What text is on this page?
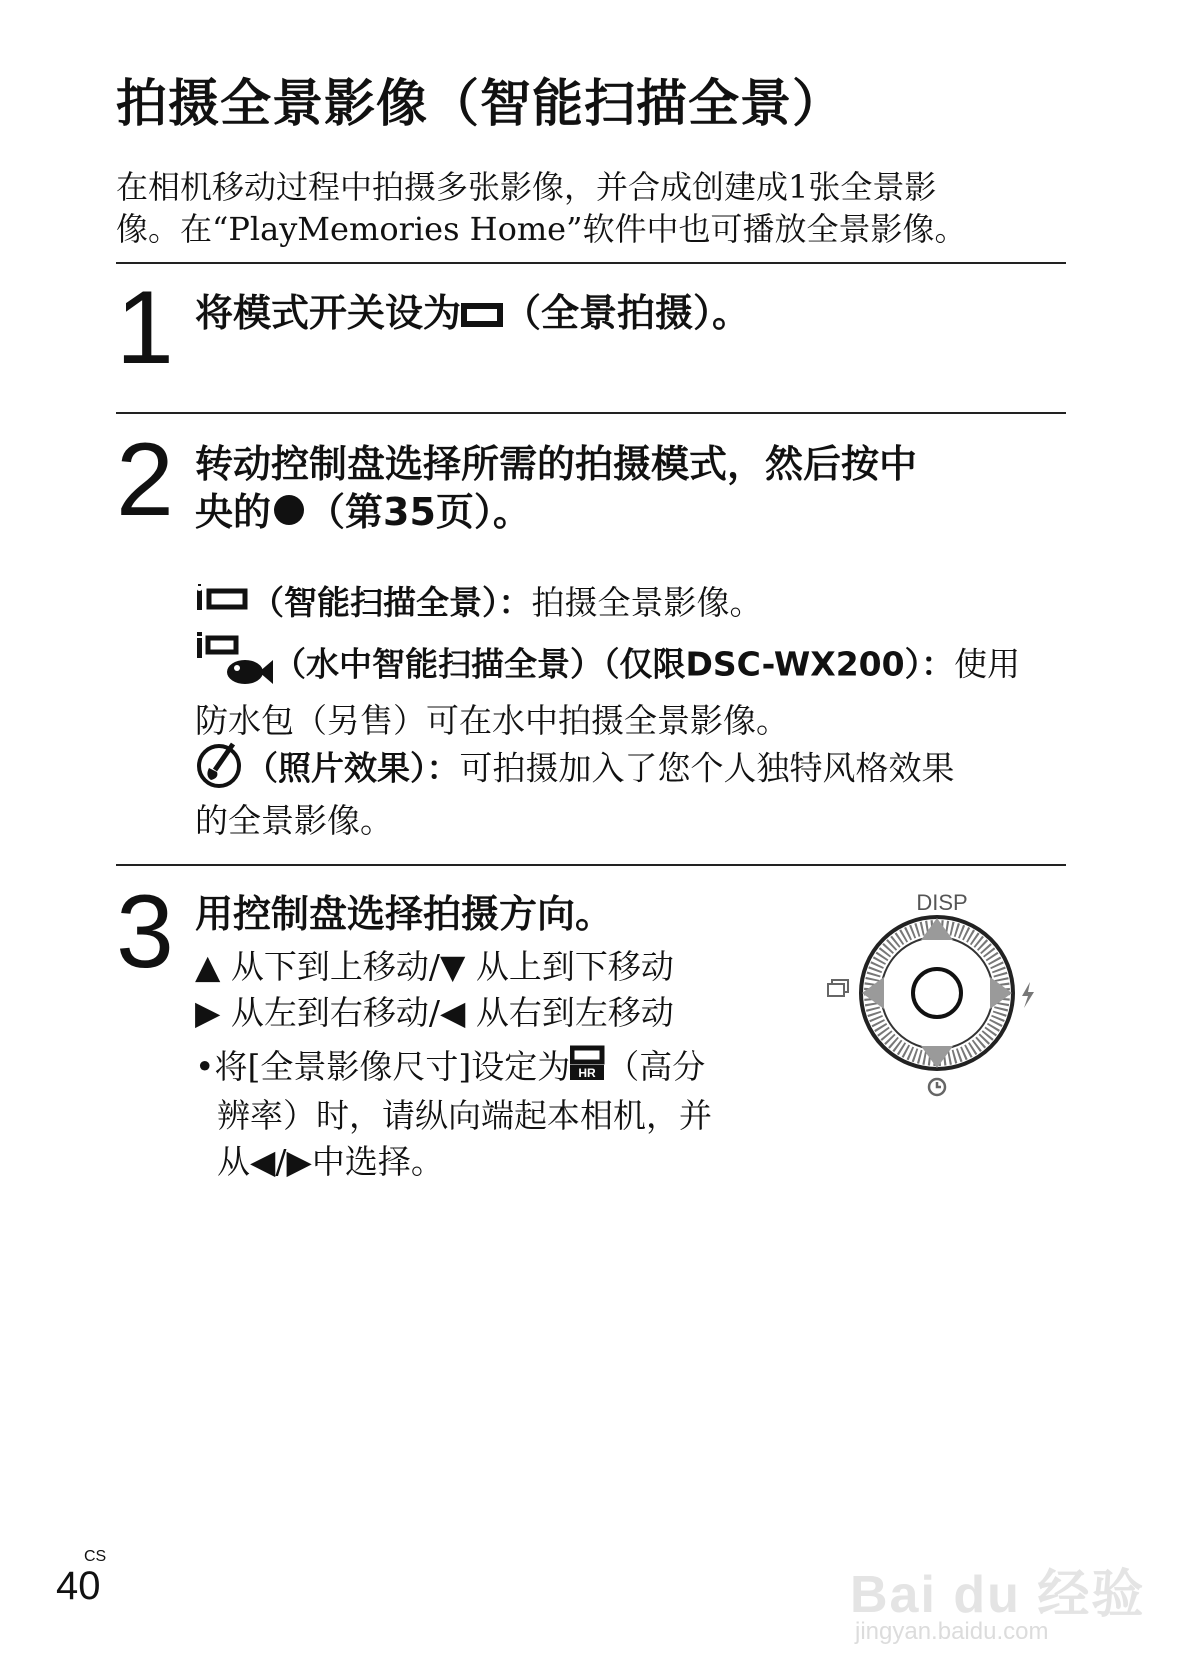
拍摄全景影像（智能扫描全景）

在相机移动过程中拍摄多张影像，并合成创建成1张全景影

像。在“PlayMemories Home”软件中也可播放全景影像。

1 将模式开关设为 （全景拍摄）。
2 转动控制盘选择所需的拍摄模式，然后按中

央的 （第35页）。

（智能扫描全景）：拍摄全景影像。

（水中智能扫描全景）（仅限DSC-WX200）：使用

防水包（另售）可在水中拍摄全景影像。

（照片效果）：可拍摄加入了您个人独特风格效果

的全景影像。

3 用控制盘选择拍摄方向。

▲ 从下到上移动/▼ 从上到下移动

▶ 从左到右移动/◀ 从右到左移动

•将[全景影像尺寸]设定为 HR （高分

辨率）时，请纵向端起本相机，并

从◀/▶中选择。

DISP
CS
40	Bai du 经验
jingyan.baidu.com
